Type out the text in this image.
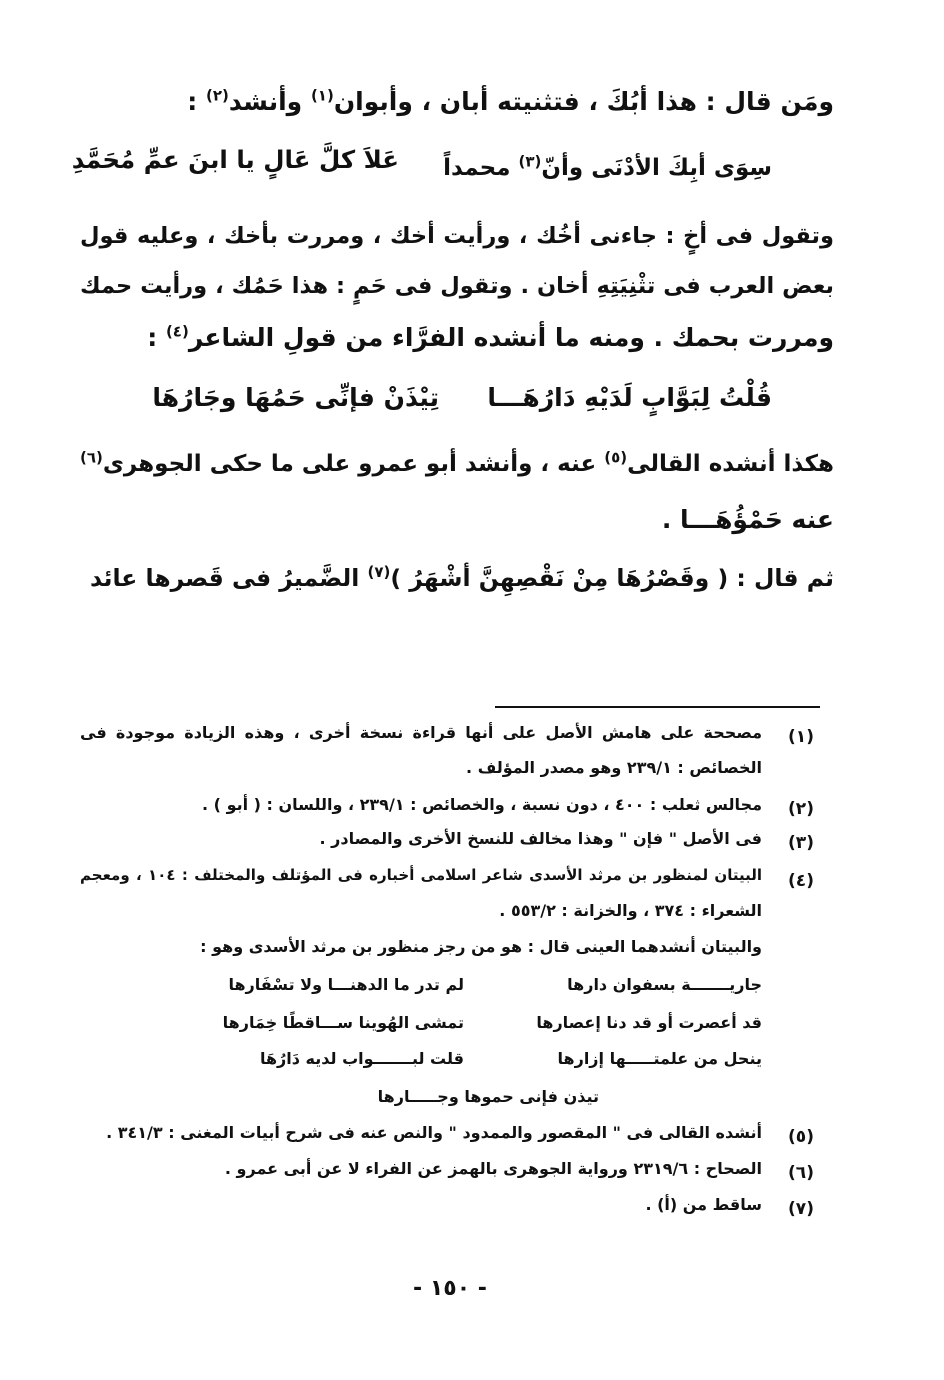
ومَن قال : هذا أبُكَ ، فتثنيته أبان ، وأبوان$^{(١)}$ وأنشد$^{(٢)}$ :
سِوَى أبِكَ الأدْنَى وأنّ$^{(٣)}$ محمداً
عَلاَ كلَّ عَالٍ يا ابنَ عمِّ مُحَمَّدِ
وتقول فى أخٍ : جاءنى أخُك ، ورأيت أخك ، ومررت بأخك ، وعليه قول
بعض العرب فى تثْنِيَتِهِ أخان . وتقول فى حَمٍ : هذا حَمُك ، ورأيت حمك
ومررت بحمك . ومنه ما أنشده الفرَّاء من قولِ الشاعر$^{(٤)}$ :
قُلْتُ لِبَوَّابٍ لَدَيْهِ دَارُهَـــا
تِيْذَنْ فإنِّى حَمُهَا وجَارُهَا
هكذا أنشده القالى$^{(٥)}$ عنه ، وأنشد أبو عمرو على ما حكى الجوهرى$^{(٦)}$
عنه حَمْؤُهَـــا .
ثم قال : ( وقَصْرُهَا مِنْ نَقْصِهِنَّ أشْهَرُ )$^{(٧)}$ الضَّميرُ فى قَصرها عائد
(١)
مصححة على هامش الأصل على أنها قراءة نسخة أخرى ، وهذه الزيادة موجودة فى
الخصائص : ٢٣٩/١ وهو مصدر المؤلف .
(٢)
مجالس ثعلب : ٤٠٠ ، دون نسبة ، والخصائص : ٢٣٩/١ ، واللسان : ( أبو ) .
(٣)
فى الأصل " فإن " وهذا مخالف للنسخ الأخرى والمصادر .
(٤)
البيتان لمنظور بن مرثد الأسدى شاعر اسلامى أخباره فى المؤتلف والمختلف : ١٠٤ ، ومعجم
الشعراء : ٣٧٤ ، والخزانة : ٥٥٣/٢ .
والبيتان أنشدهما العينى قال : هو من رجز منظور بن مرثد الأسدى وهو :
جاريـــــــة بسفوان دارها
لم تدر ما الدهنـــا ولا تسْفَارها
قد أعصرت أو قد دنا إعصارها
تمشى الهُوينا ســـاقطًا خِمَارها
ينحل من علمتـــــها إزارها
قلت لبـــــــواب لديه دَارُهَا
تيذن فإنى حموها وجـــــارها
(٥)
أنشده القالى فى " المقصور والممدود " والنص عنه فى شرح أبيات المغنى : ٣٤١/٣ .
(٦)
الصحاح : ٢٣١٩/٦ ورواية الجوهرى بالهمز عن الفراء لا عن أبى عمرو .
(٧)
ساقط من (أ) .
- ١٥٠ -
